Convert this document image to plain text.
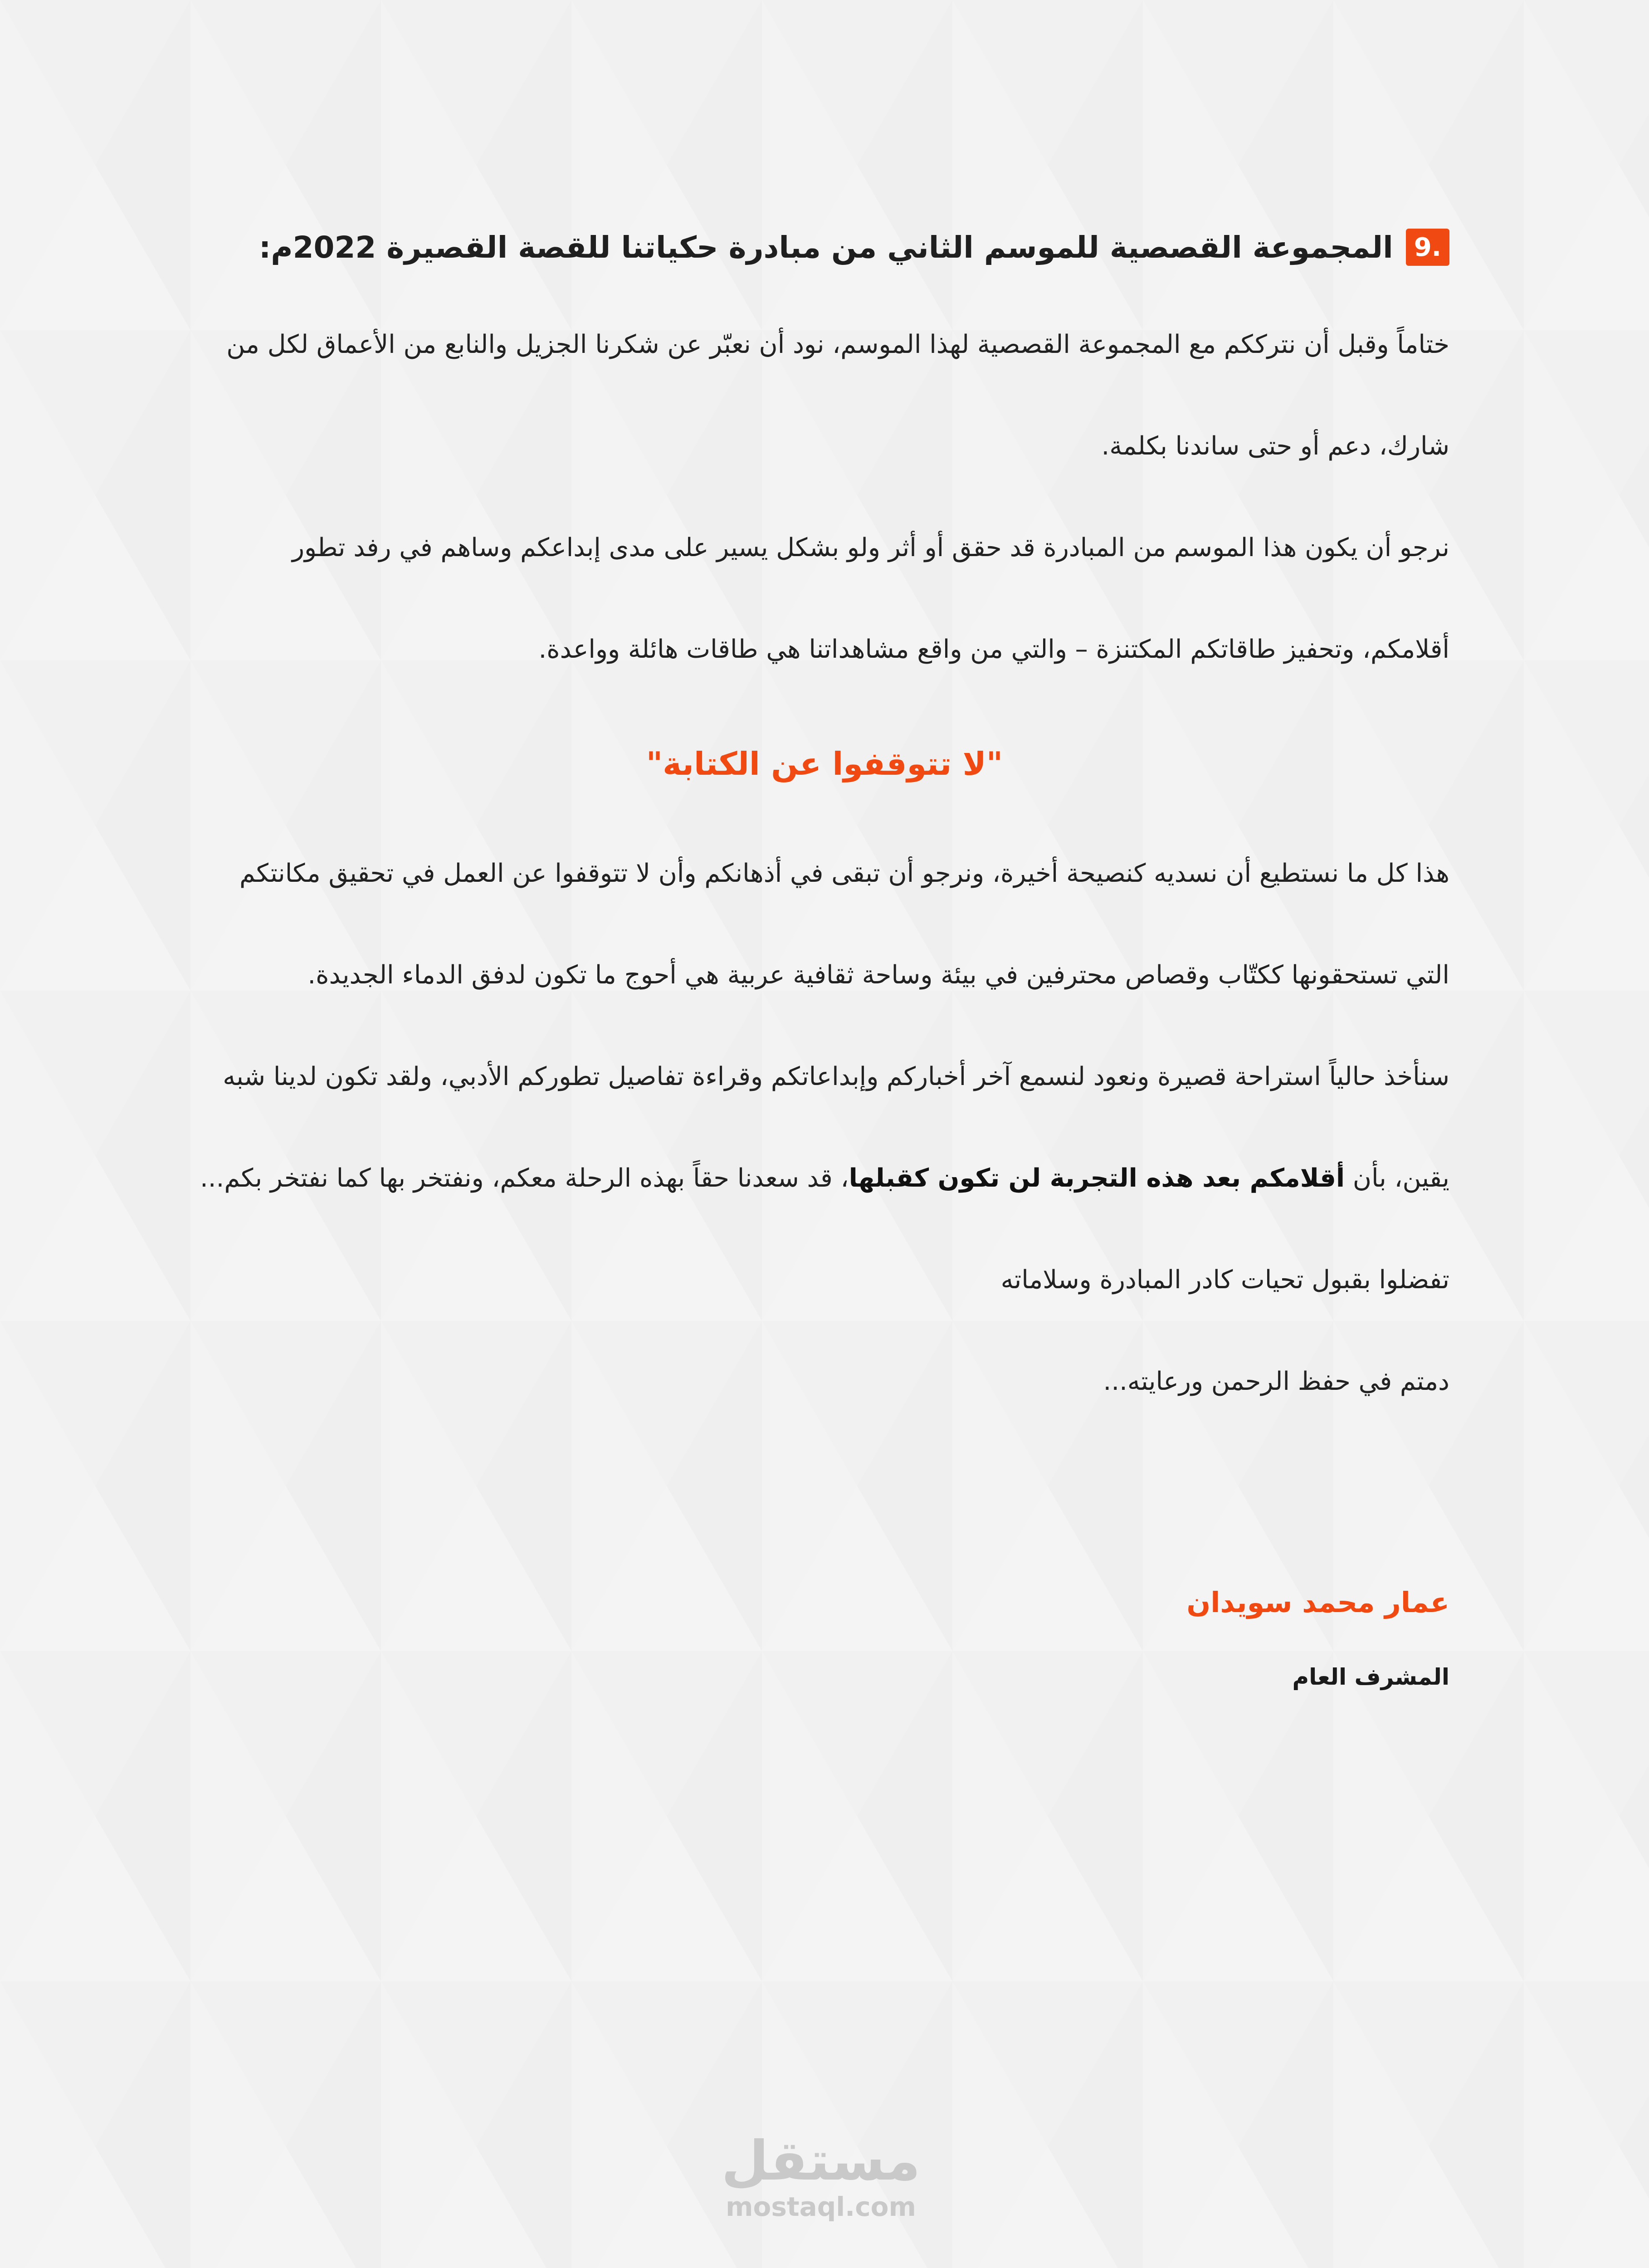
9.
المجموعة القصصية للموسم الثاني من مبادرة حكياتنا للقصة القصيرة 2022م:

ختاماً وقبل أن نترككم مع المجموعة القصصية لهذا الموسم، نود أن نعبّر عن شكرنا الجزيل والنابع من الأعماق لكل من شارك، دعم أو حتى ساندنا بكلمة.

نرجو أن يكون هذا الموسم من المبادرة قد حقق أو أثر ولو بشكل يسير على مدى إبداعكم وساهم في رفد تطور أقلامكم، وتحفيز طاقاتكم المكتنزة – والتي من واقع مشاهداتنا هي طاقات هائلة وواعدة.

"لا تتوقفوا عن الكتابة"

هذا كل ما نستطيع أن نسديه كنصيحة أخيرة، ونرجو أن تبقى في أذهانكم وأن لا تتوقفوا عن العمل في تحقيق مكانتكم التي تستحقونها ككتّاب وقصاص محترفين في بيئة وساحة ثقافية عربية هي أحوج ما تكون لدفق الدماء الجديدة.

سنأخذ حالياً استراحة قصيرة ونعود لنسمع آخر أخباركم وإبداعاتكم وقراءة تفاصيل تطوركم الأدبي، ولقد تكون لدينا شبه يقين، بأن أقلامكم بعد هذه التجربة لن تكون كقبلها، قد سعدنا حقاً بهذه الرحلة معكم، ونفتخر بها كما نفتخر بكم...

تفضلوا بقبول تحيات كادر المبادرة وسلاماته

دمتم في حفظ الرحمن ورعايته...

عمار محمد سويدان
المشرف العام
مستقل
mostaql.com
